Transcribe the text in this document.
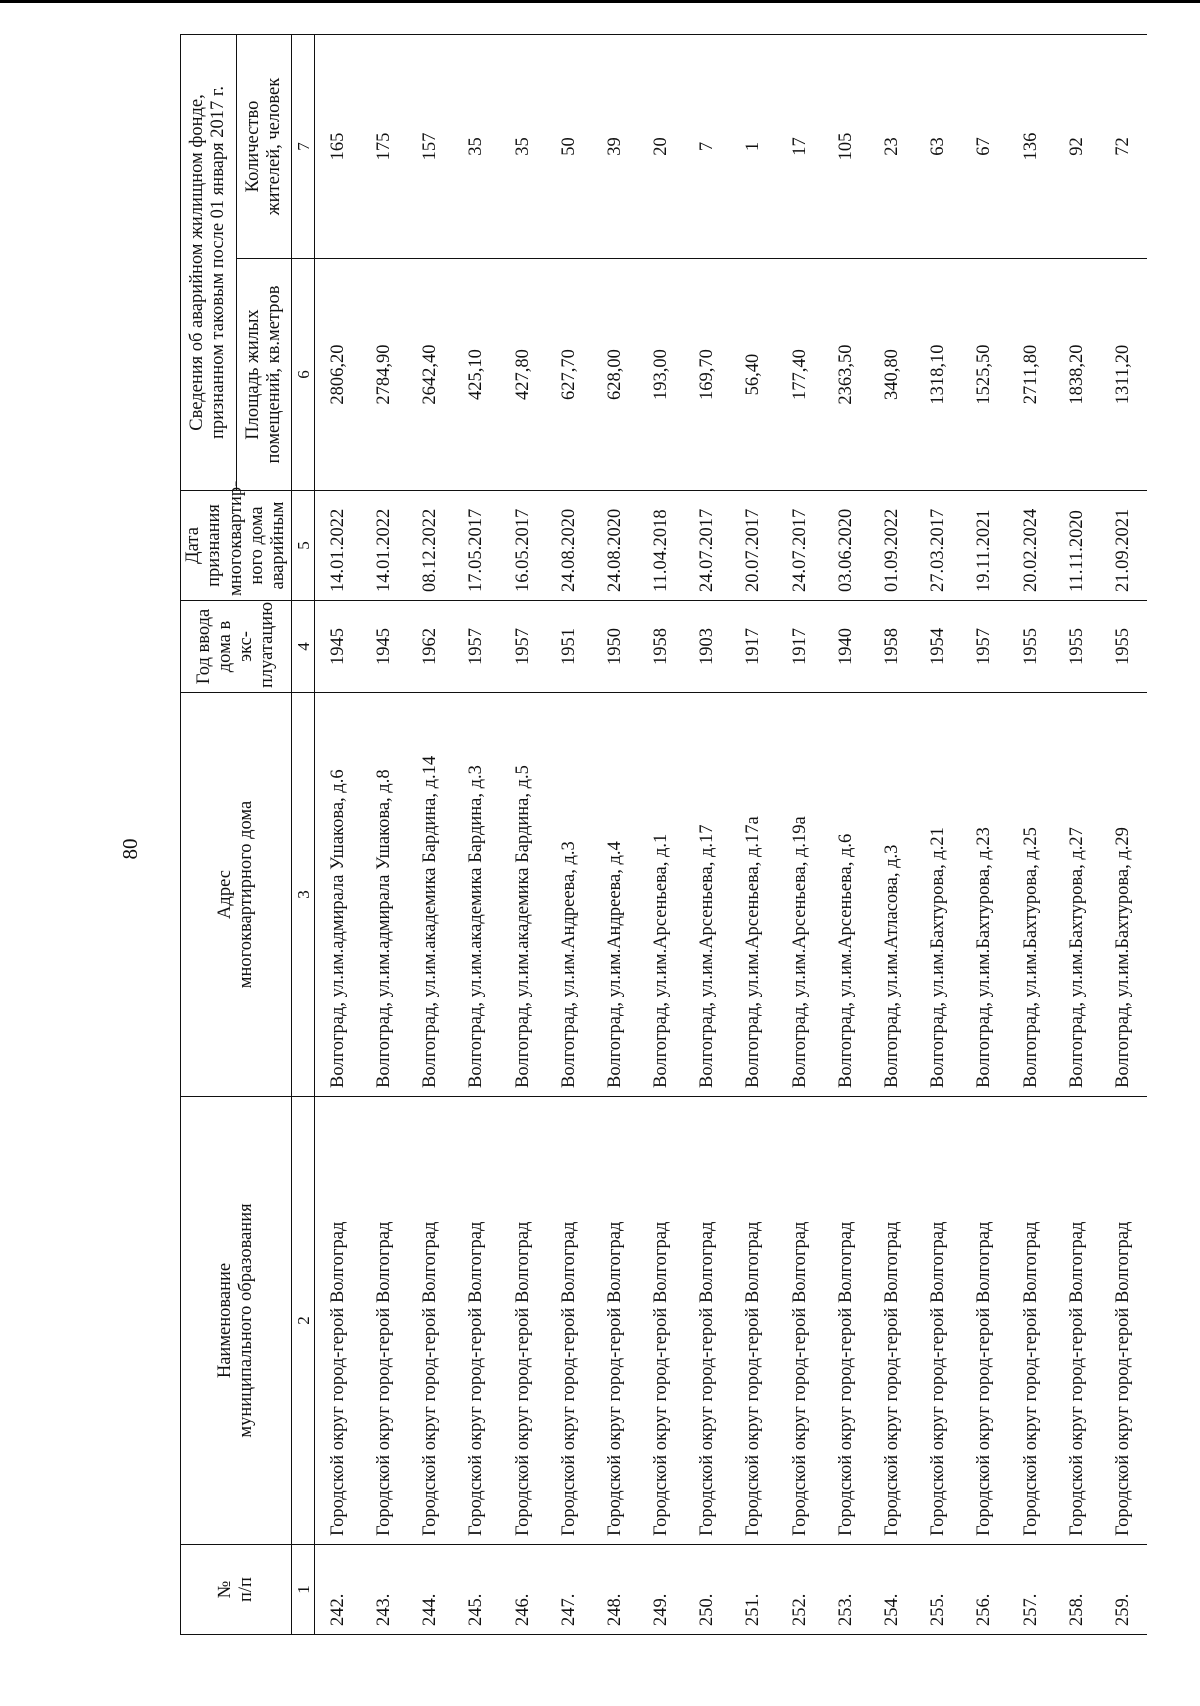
80
№ п/п	Наименование муниципального образования	Адрес многоквартирного дома	Год ввода дома в экс- плуатацию	Дата признания многоквартир- ного дома аварийным	Сведения об аварийном жилищном фонде, признанном таковым после 01 января 2017 г.	

					Площадь жилых помещений, кв.метров	Количество жителей, человек

1	2	3	4	5	6	7
242.	Городской округ город-герой Волгоград	Волгоград, ул.им.адмирала Ушакова, д.6	1945	14.01.2022	2806,20	165
243.	Городской округ город-герой Волгоград	Волгоград, ул.им.адмирала Ушакова, д.8	1945	14.01.2022	2784,90	175
244.	Городской округ город-герой Волгоград	Волгоград, ул.им.академика Бардина, д.14	1962	08.12.2022	2642,40	157
245.	Городской округ город-герой Волгоград	Волгоград, ул.им.академика Бардина, д.3	1957	17.05.2017	425,10	35
246.	Городской округ город-герой Волгоград	Волгоград, ул.им.академика Бардина, д.5	1957	16.05.2017	427,80	35
247.	Городской округ город-герой Волгоград	Волгоград, ул.им.Андреева, д.3	1951	24.08.2020	627,70	50
248.	Городской округ город-герой Волгоград	Волгоград, ул.им.Андреева, д.4	1950	24.08.2020	628,00	39
249.	Городской округ город-герой Волгоград	Волгоград, ул.им.Арсеньева, д.1	1958	11.04.2018	193,00	20
250.	Городской округ город-герой Волгоград	Волгоград, ул.им.Арсеньева, д.17	1903	24.07.2017	169,70	7
251.	Городской округ город-герой Волгоград	Волгоград, ул.им.Арсеньева, д.17а	1917	20.07.2017	56,40	1
252.	Городской округ город-герой Волгоград	Волгоград, ул.им.Арсеньева, д.19а	1917	24.07.2017	177,40	17
253.	Городской округ город-герой Волгоград	Волгоград, ул.им.Арсеньева, д.6	1940	03.06.2020	2363,50	105
254.	Городской округ город-герой Волгоград	Волгоград, ул.им.Атласова, д.3	1958	01.09.2022	340,80	23
255.	Городской округ город-герой Волгоград	Волгоград, ул.им.Бахтурова, д.21	1954	27.03.2017	1318,10	63
256.	Городской округ город-герой Волгоград	Волгоград, ул.им.Бахтурова, д.23	1957	19.11.2021	1525,50	67
257.	Городской округ город-герой Волгоград	Волгоград, ул.им.Бахтурова, д.25	1955	20.02.2024	2711,80	136
258.	Городской округ город-герой Волгоград	Волгоград, ул.им.Бахтурова, д.27	1955	11.11.2020	1838,20	92
259.	Городской округ город-герой Волгоград	Волгоград, ул.им.Бахтурова, д.29	1955	21.09.2021	1311,20	72
